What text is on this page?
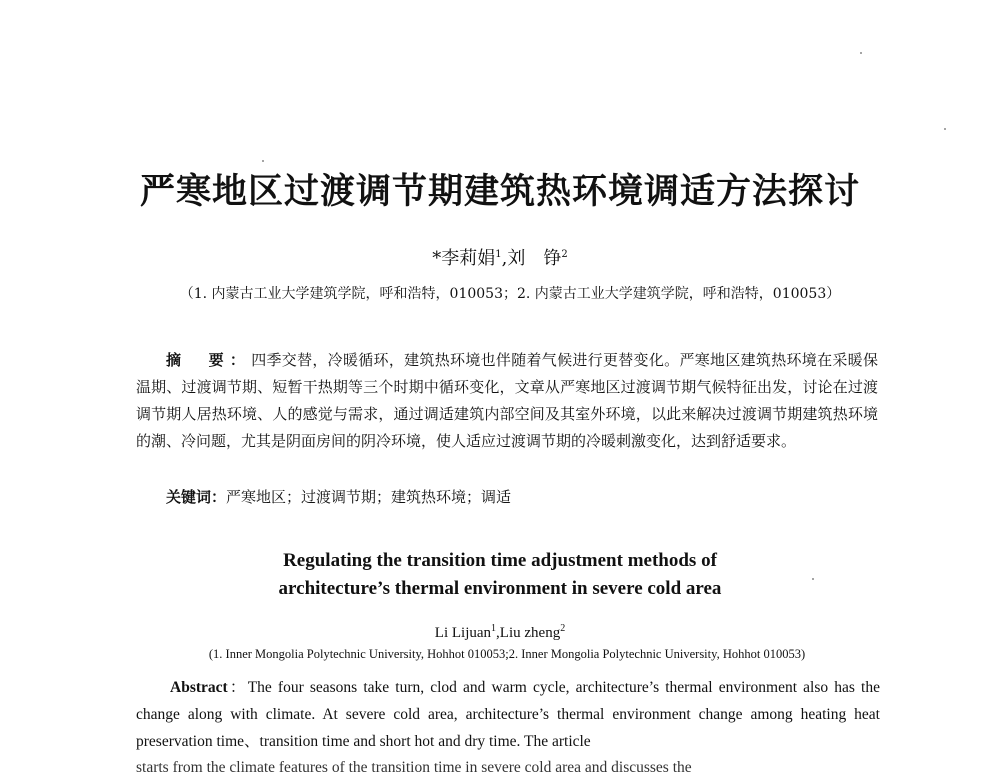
严寒地区过渡调节期建筑热环境调适方法探讨
*李莉娟$^1$,刘　铮$^2$
（1. 内蒙古工业大学建筑学院，呼和浩特，010053；2. 内蒙古工业大学建筑学院，呼和浩特，010053）
摘　要：四季交替，冷暖循环，建筑热环境也伴随着气候进行更替变化。严寒地区建筑热环境在采暖保温期、过渡调节期、短暂干热期等三个时期中循环变化，文章从严寒地区过渡调节期气候特征出发，讨论在过渡调节期人居热环境、人的感觉与需求，通过调适建筑内部空间及其室外环境，以此来解决过渡调节期建筑热环境的潮、冷问题，尤其是阴面房间的阴冷环境，使人适应过渡调节期的冷暖刺激变化，达到舒适要求。
关键词：严寒地区；过渡调节期；建筑热环境；调适
Regulating the transition time adjustment methods of
architecture’s thermal environment in severe cold area
Li Lijuan$^1$,Liu zheng$^2$
(1. Inner Mongolia Polytechnic University, Hohhot 010053;2. Inner Mongolia Polytechnic University, Hohhot 010053)
Abstract：The four seasons take turn, clod and warm cycle, architecture’s thermal environment also has the change along with climate. At severe cold area, architecture’s thermal environment change among heating heat preservation time、transition time and short hot and dry time. The article
starts from the climate features of the transition time in severe cold area and discusses the
